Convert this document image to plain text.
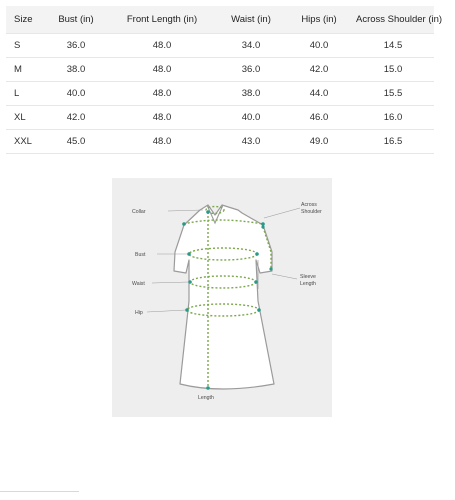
Size	Bust (in)	Front Length (in)	Waist (in)	Hips (in)	Across Shoulder (in)
S	36.0	48.0	34.0	40.0	14.5
M	38.0	48.0	36.0	42.0	15.0
L	40.0	48.0	38.0	44.0	15.5
XL	42.0	48.0	40.0	46.0	16.0
XXL	45.0	48.0	43.0	49.0	16.5
Collar
Across
Shoulder
Bust
Waist
Sleeve
Length
Hip
Length
